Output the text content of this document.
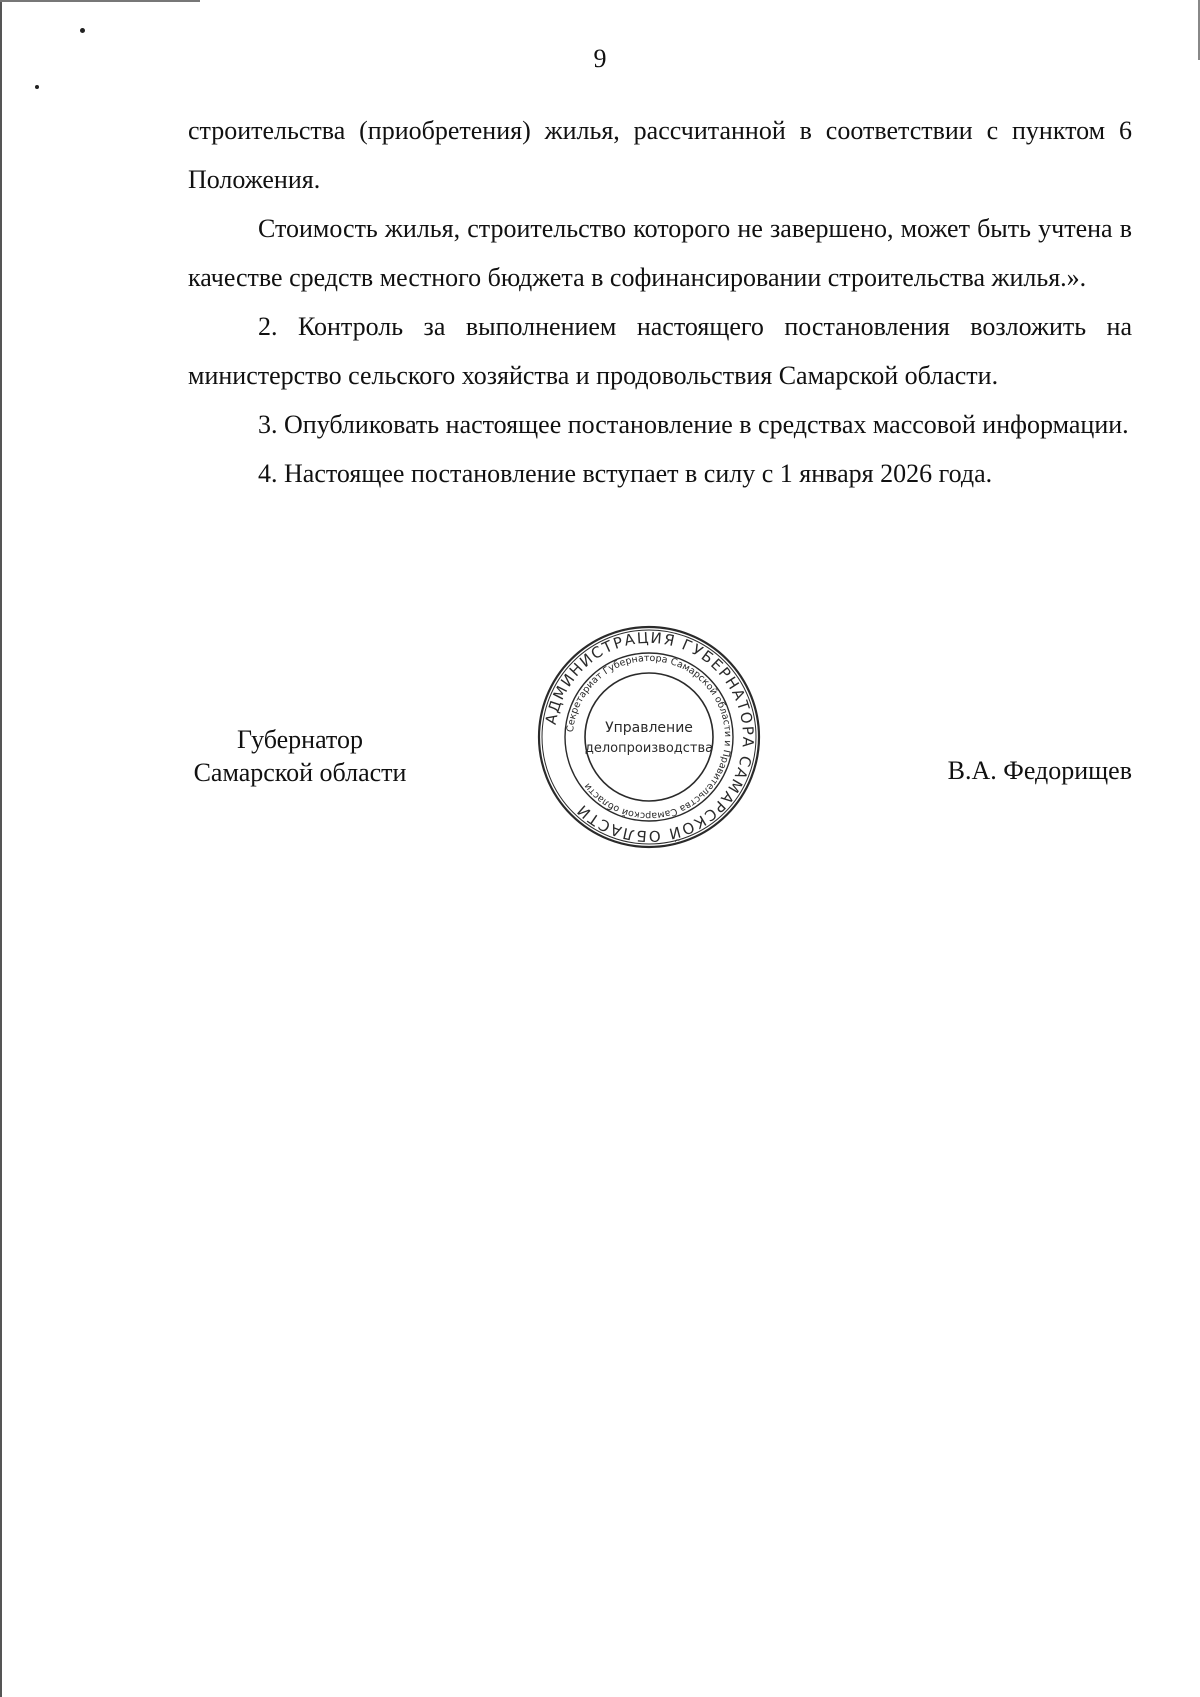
9

строительства (приобретения) жилья, рассчитанной в соответствии с пунктом 6 Положения.

Стоимость жилья, строительство которого не завершено, может быть учтена в качестве средств местного бюджета в софинансировании строительства жилья.».

2. Контроль за выполнением настоящего постановления возложить на министерство сельского хозяйства и продовольствия Самарской области.

3. Опубликовать настоящее постановление в средствах массовой информации.

4. Настоящее постановление вступает в силу с 1 января 2026 года.

Губернатор
Самарской области
АДМИНИСТРАЦИЯ ГУБЕРНАТОРА САМАРСКОЙ ОБЛАСТИ
Секретариат Губернатора Самарской области и Правительства Самарской области
Управление
делопроизводства
В.А. Федорищев
